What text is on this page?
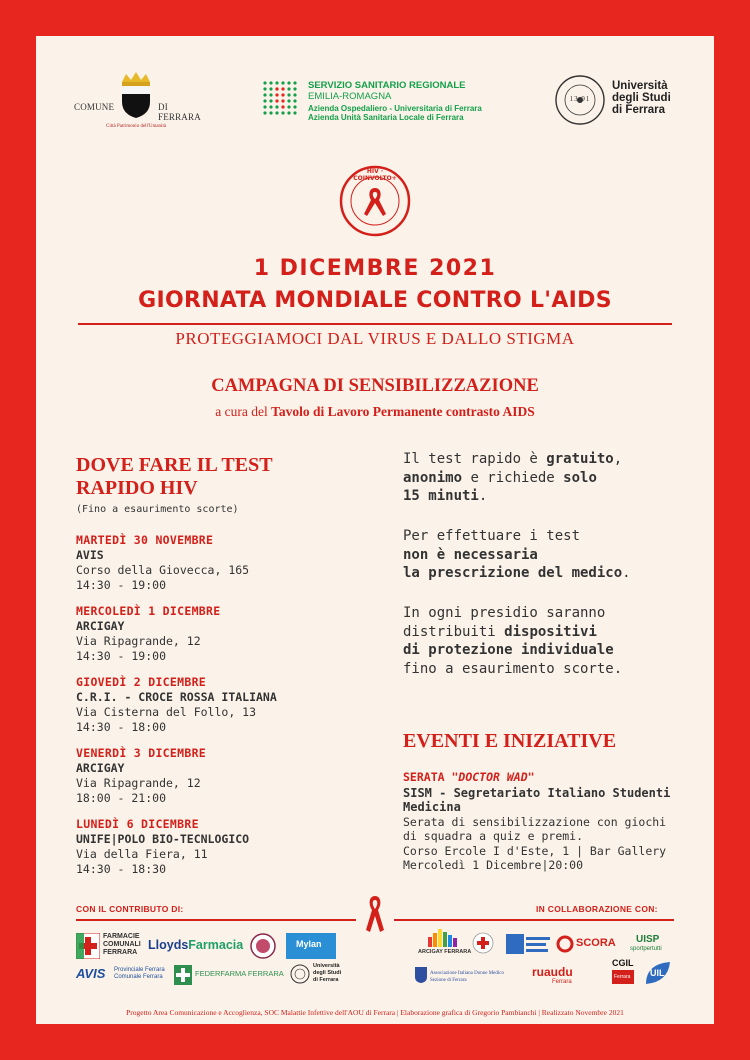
COMUNE	DI FERRARA
Città Patrimonio dell'Umanità
SERVIZIO SANITARIO REGIONALE
EMILIA-ROMAGNA
Azienda Ospedaliero - Universitaria di Ferrara
Azienda Unità Sanitaria Locale di Ferrara
13 91
Università
degli Studi
di Ferrara
HIV · COINVOLTO+
1 DICEMBRE 2021
GIORNATA MONDIALE CONTRO L'AIDS
PROTEGGIAMOCI DAL VIRUS E DALLO STIGMA
CAMPAGNA DI SENSIBILIZZAZIONE
a cura del Tavolo di Lavoro Permanente contrasto AIDS
DOVE FARE IL TEST
RAPIDO HIV
(Fino a esaurimento scorte)
MARTEDÌ 30 NOVEMBRE
AVIS
Corso della Giovecca, 165
14:30 - 19:00
MERCOLEDÌ 1 DICEMBRE
ARCIGAY
Via Ripagrande, 12
14:30 - 19:00
GIOVEDÌ 2 DICEMBRE
C.R.I. - CROCE ROSSA ITALIANA
Via Cisterna del Follo, 13
14:30 - 18:00
VENERDÌ 3 DICEMBRE
ARCIGAY
Via Ripagrande, 12
18:00 - 21:00
LUNEDÌ 6 DICEMBRE
UNIFE|POLO BIO-TECNLOGICO
Via della Fiera, 11
14:30 - 18:30
Il test rapido è gratuito,
anonimo e richiede solo
15 minuti.
Per effettuare i test
non è necessaria
la prescrizione del medico.
In ogni presidio saranno
distribuiti dispositivi
di protezione individuale
fino a esaurimento scorte.
EVENTI E INIZIATIVE
SERATA "DOCTOR WAD"
SISM - Segretariato Italiano Studenti
Medicina
Serata di sensibilizzazione con giochi
di squadra a quiz e premi.
Corso Ercole I d'Este, 1 | Bar Gallery
Mercoledì 1 Dicembre|20:00
CON IL CONTRIBUTO DI:	IN COLLABORAZIONE CON:
FARMACIE
COMUNALI
FERRARA
LloydsFarmacia	Mylan
AVIS Provinciale Ferrara
Comunale Ferrara	FEDERFARMA FERRARA
Università
degli Studi
di Ferrara
ARCIGAY FERRARA
SCORA UISP
sportpertutti
Associazione Italiana Donne Medico
Sezione di Ferrara
ruaudu
Ferrara
CGIL
Ferrara UIL
Progetto Area Comunicazione e Accoglienza, SOC Malattie Infettive dell'AOU di Ferrara | Elaborazione grafica di Gregorio Pambianchi | Realizzato Novembre 2021
